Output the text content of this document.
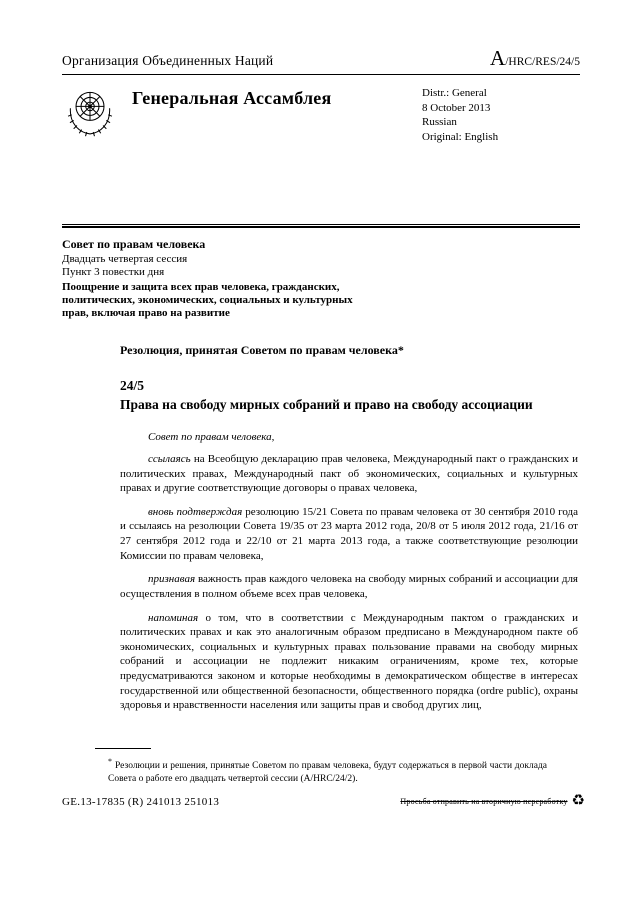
Организация Объединенных Наций	A/HRC/RES/24/5
Генеральная Ассамблея	Distr.: General
8 October 2013
Russian
Original: English
Совет по правам человека
Двадцать четвертая сессия
Пункт 3 повестки дня
Поощрение и защита всех прав человека, гражданских, политических, экономических, социальных и культурных прав, включая право на развитие
Резолюция, принятая Советом по правам человека*
24/5
Права на свободу мирных собраний и право на свободу ассоциации
Совет по правам человека,

ссылаясь на Всеобщую декларацию прав человека, Международный пакт о гражданских и политических правах, Международный пакт об экономических, социальных и культурных правах и другие соответствующие договоры о правах человека,

вновь подтверждая резолюцию 15/21 Совета по правам человека от 30 сентября 2010 года и ссылаясь на резолюции Совета 19/35 от 23 марта 2012 года, 20/8 от 5 июля 2012 года, 21/16 от 27 сентября 2012 года и 22/10 от 21 марта 2013 года, а также соответствующие резолюции Комиссии по правам человека,

признавая важность прав каждого человека на свободу мирных собраний и ассоциации для осуществления в полном объеме всех прав человека,

напоминая о том, что в соответствии с Международным пактом о гражданских и политических правах и как это аналогичным образом предписано в Международном пакте об экономических, социальных и культурных правах пользование правами на свободу мирных собраний и ассоциации не подлежит никаким ограничениям, кроме тех, которые предусматриваются законом и которые необходимы в демократическом обществе в интересах государственной или общественной безопасности, общественного порядка (ordre public), охраны здоровья и нравственности населения или защиты прав и свобод других лиц,

* Резолюции и решения, принятые Советом по правам человека, будут содержаться в первой части доклада Совета о работе его двадцать четвертой сессии (A/HRC/24/2).
GE.13-17835 (R) 241013 251013	Просьба отправить на вторичную переработку ♻
